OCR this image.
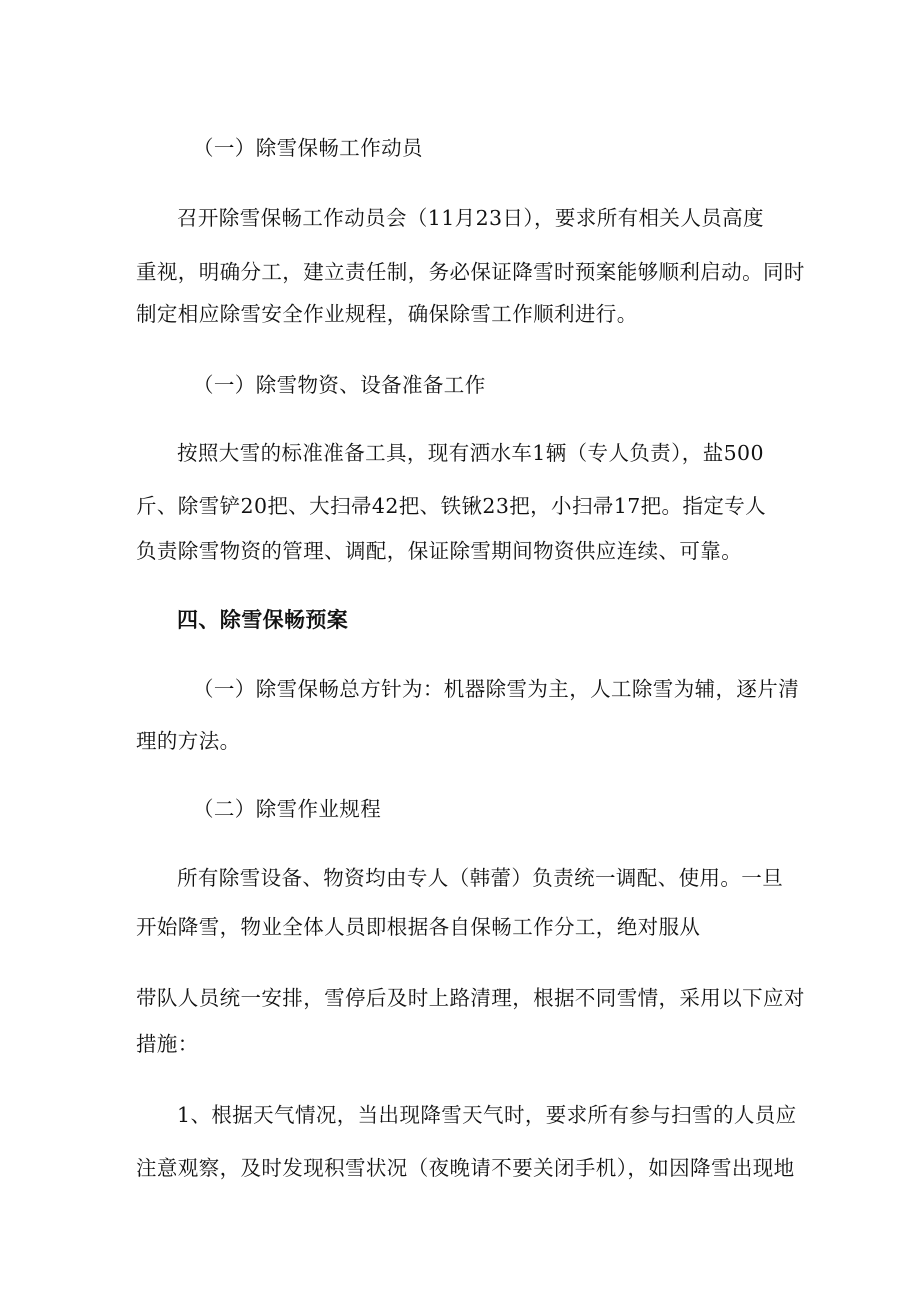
（一）除雪保畅工作动员
召开除雪保畅工作动员会（11月23日），要求所有相关人员高度
重视，明确分工，建立责任制，务必保证降雪时预案能够顺利启动。同时
制定相应除雪安全作业规程，确保除雪工作顺利进行。
（一）除雪物资、设备准备工作
按照大雪的标准准备工具，现有洒水车1辆（专人负责），盐500
斤、除雪铲20把、大扫帚42把、铁锹23把，小扫帚17把。指定专人
负责除雪物资的管理、调配，保证除雪期间物资供应连续、可靠。
四、除雪保畅预案
（一）除雪保畅总方针为：机器除雪为主，人工除雪为辅，逐片清
理的方法。
（二）除雪作业规程
所有除雪设备、物资均由专人（韩蕾）负责统一调配、使用。一旦
开始降雪，物业全体人员即根据各自保畅工作分工，绝对服从
带队人员统一安排，雪停后及时上路清理，根据不同雪情，采用以下应对
措施：
1、根据天气情况，当出现降雪天气时，要求所有参与扫雪的人员应
注意观察，及时发现积雪状况（夜晚请不要关闭手机），如因降雪出现地
